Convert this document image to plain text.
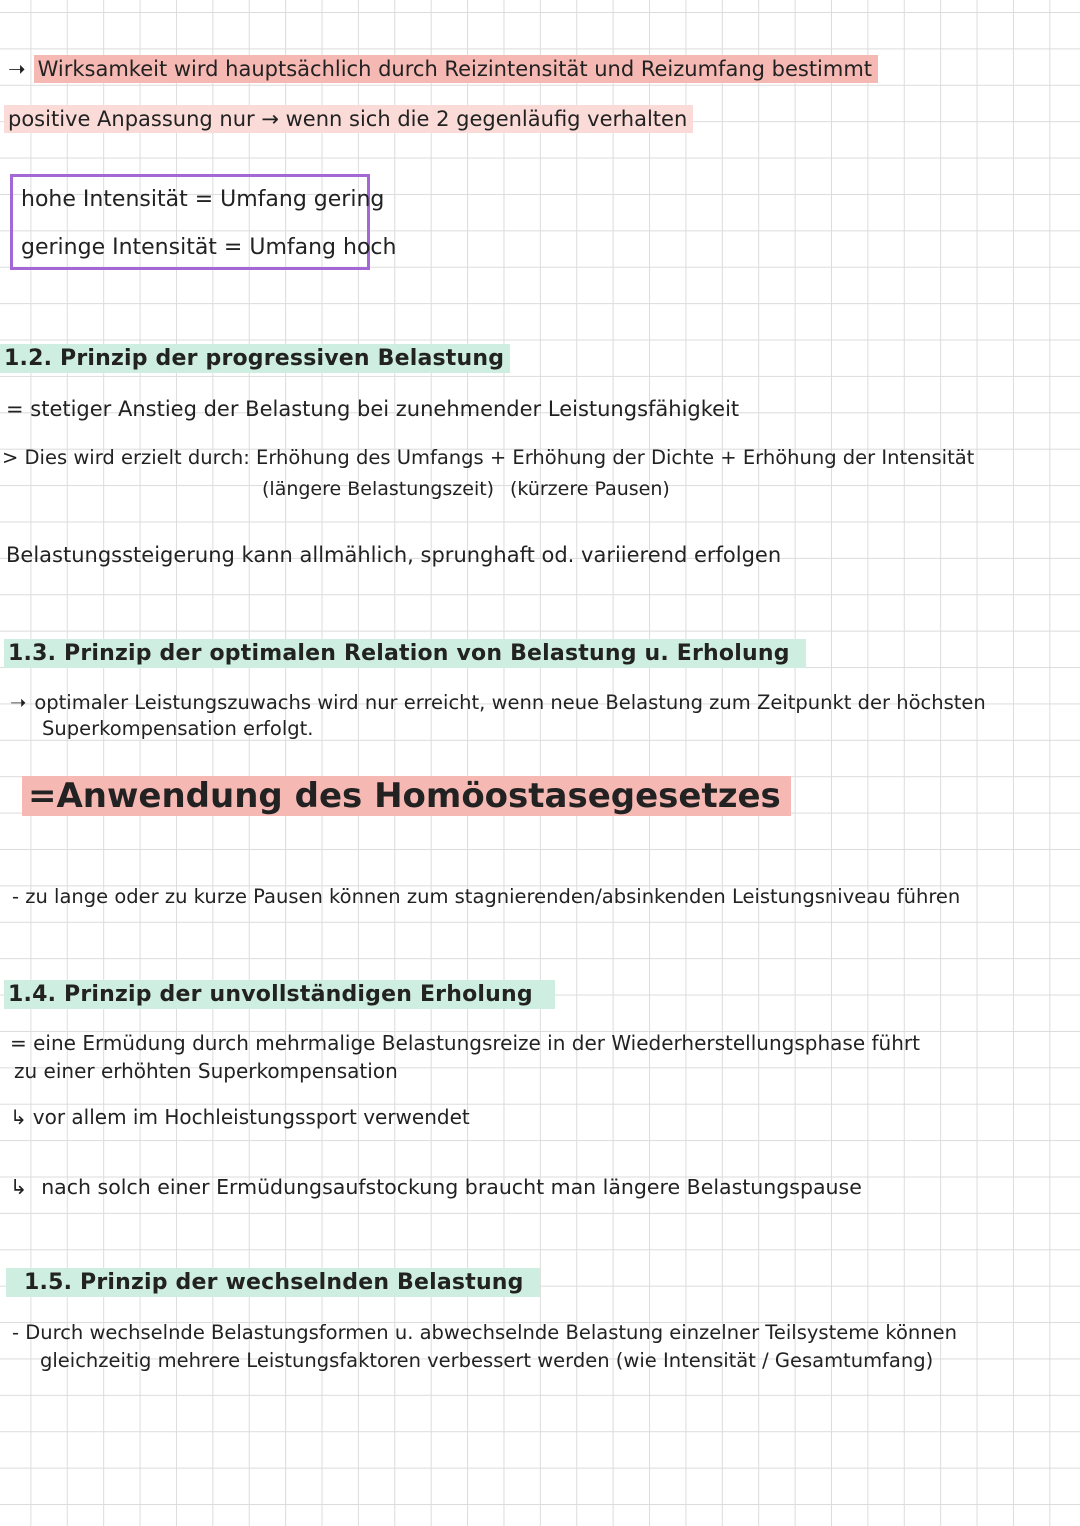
➝ Wirksamkeit wird hauptsächlich durch Reizintensität und Reizumfang bestimmt
positive Anpassung nur → wenn sich die 2 gegenläufig verhalten
hohe Intensität = Umfang gering
geringe Intensität = Umfang hoch
1.2. Prinzip der progressiven Belastung
= stetiger Anstieg der Belastung bei zunehmender Leistungsfähigkeit
> Dies wird erzielt durch: Erhöhung des Umfangs + Erhöhung der Dichte + Erhöhung der Intensität
(längere Belastungszeit) (kürzere Pausen)
Belastungssteigerung kann allmählich, sprunghaft od. variierend erfolgen
1.3. Prinzip der optimalen Relation von Belastung u. Erholung
➝ optimaler Leistungszuwachs wird nur erreicht, wenn neue Belastung zum Zeitpunkt der höchsten
Superkompensation erfolgt.
=Anwendung des Homöostasegesetzes
- zu lange oder zu kurze Pausen können zum stagnierenden/absinkenden Leistungsniveau führen
1.4. Prinzip der unvollständigen Erholung
= eine Ermüdung durch mehrmalige Belastungsreize in der Wiederherstellungsphase führt
zu einer erhöhten Superkompensation
↳ vor allem im Hochleistungssport verwendet
↳ nach solch einer Ermüdungsaufstockung braucht man längere Belastungspause
1.5. Prinzip der wechselnden Belastung
- Durch wechselnde Belastungsformen u. abwechselnde Belastung einzelner Teilsysteme können
gleichzeitig mehrere Leistungsfaktoren verbessert werden (wie Intensität / Gesamtumfang)
